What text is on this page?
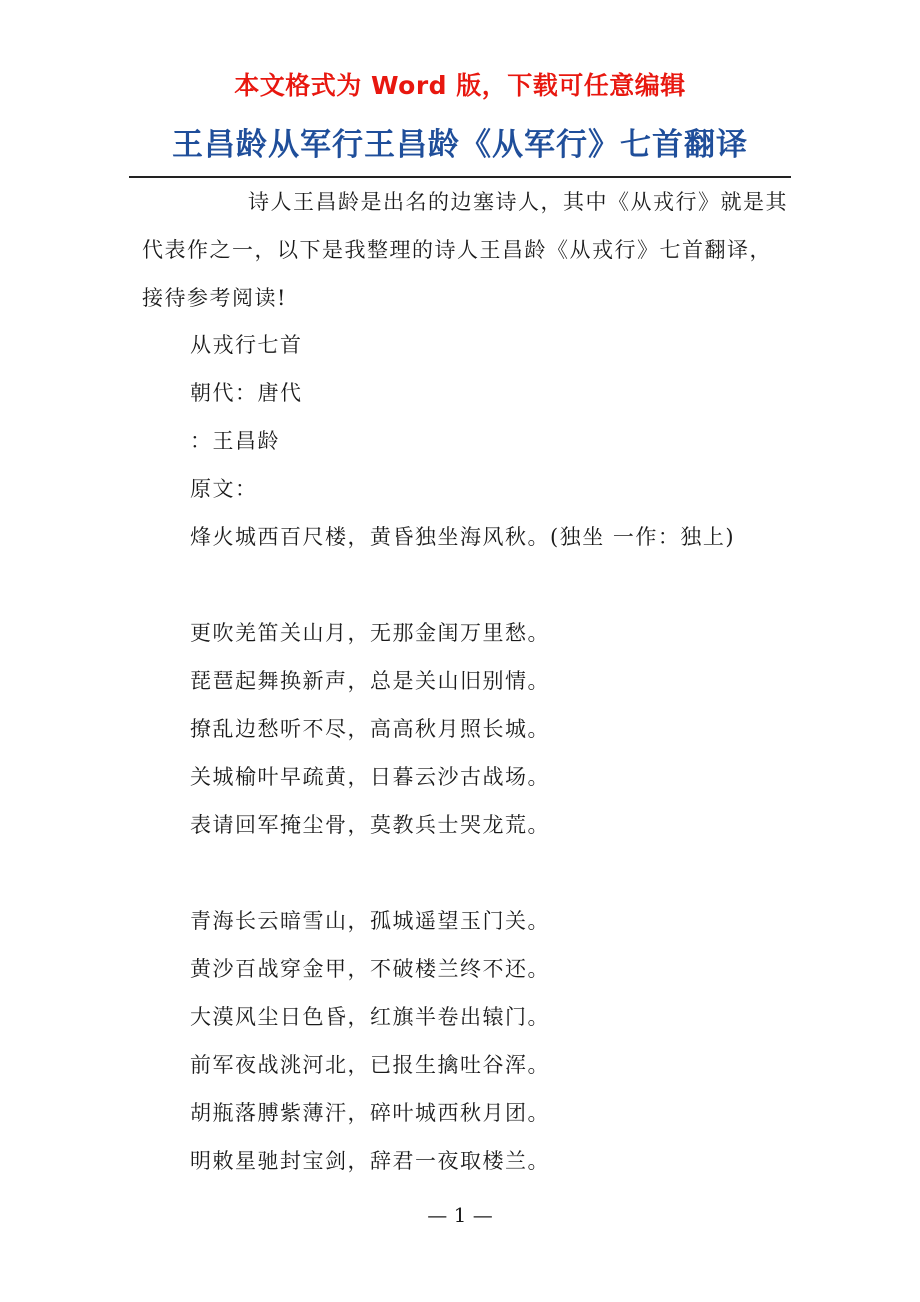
本文格式为 Word 版，下载可任意编辑
王昌龄从军行王昌龄《从军行》七首翻译
诗人王昌龄是出名的边塞诗人，其中《从戎行》就是其代表作之一，以下是我整理的诗人王昌龄《从戎行》七首翻译，接待参考阅读!
从戎行七首
朝代：唐代
：王昌龄
原文：
烽火城西百尺楼，黄昏独坐海风秋。(独坐 一作：独上)
更吹羌笛关山月，无那金闺万里愁。
琵琶起舞换新声，总是关山旧别情。
撩乱边愁听不尽，高高秋月照长城。
关城榆叶早疏黄，日暮云沙古战场。
表请回军掩尘骨，莫教兵士哭龙荒。
青海长云暗雪山，孤城遥望玉门关。
黄沙百战穿金甲，不破楼兰终不还。
大漠风尘日色昏，红旗半卷出辕门。
前军夜战洮河北，已报生擒吐谷浑。
胡瓶落膊紫薄汗，碎叶城西秋月团。
明敕星驰封宝剑，辞君一夜取楼兰。
— 1 —
